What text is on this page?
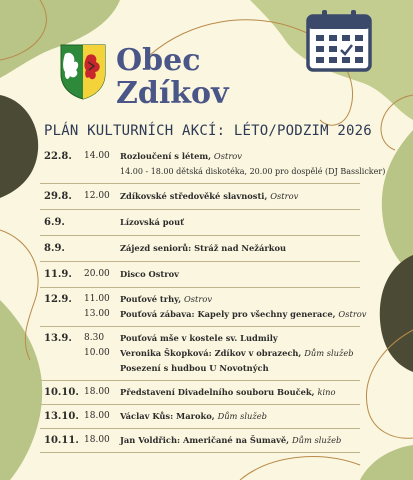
Obec
Zdíkov
PLÁN KULTURNÍCH AKCÍ: LÉTO/PODZIM 2026
22.8. 14.00 Rozloučení s létem, Ostrov
14.00 - 18.00 dětská diskotéka, 20.00 pro dospělé (DJ Basslicker)
29.8. 12.00 Zdíkovské středověké slavnosti, Ostrov
6.9.	Lízovská pouť
8.9.	Zájezd seniorů: Stráž nad Nežárkou
11.9. 20.00 Disco Ostrov
12.9. 11.00 Pouťové trhy, Ostrov
13.00 Pouťová zábava: Kapely pro všechny generace, Ostrov
13.9. 8.30 Pouťová mše v kostele sv. Ludmily
10.00 Veronika Škopková: Zdíkov v obrazech, Dům služeb
Posezení s hudbou U Novotných
10.10. 18.00 Představení Divadelního souboru Bouček, kino
13.10. 18.00 Václav Kůs: Maroko, Dům služeb
10.11. 18.00 Jan Voldřich: Američané na Šumavě, Dům služeb
